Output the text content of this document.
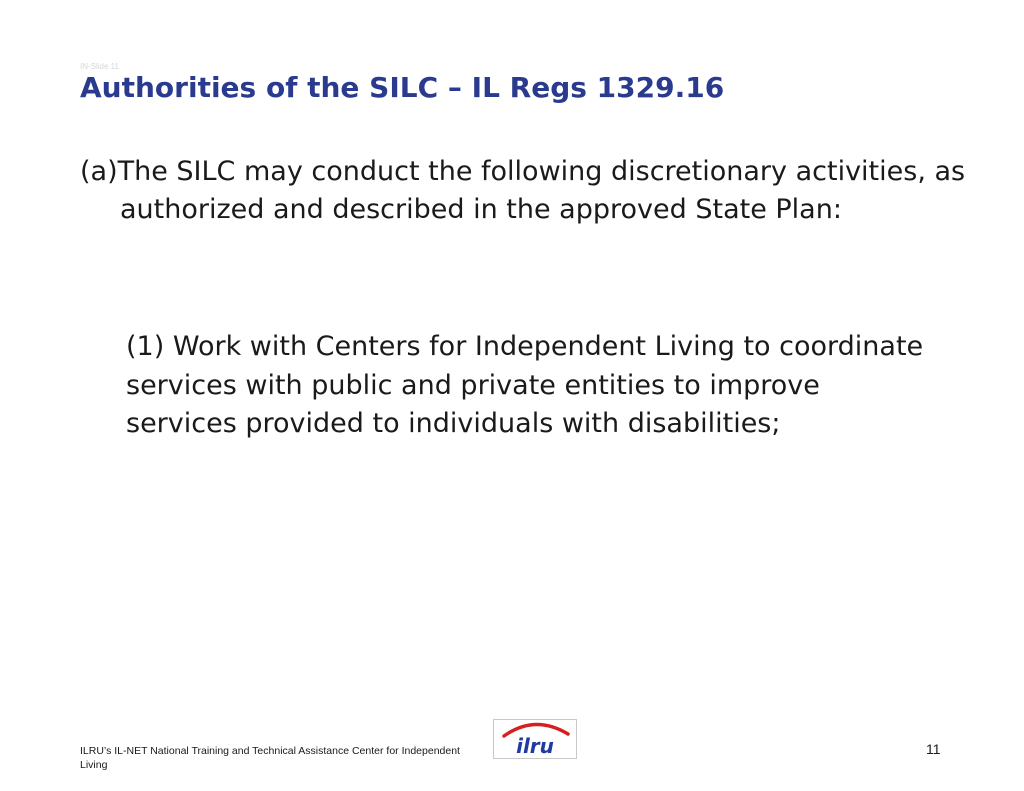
IN-Slide 11
Authorities of the SILC – IL Regs 1329.16

(a)The SILC may conduct the following discretionary activities, as authorized and described in the approved State Plan:

(1) Work with Centers for Independent Living to coordinate services with public and private entities to improve services provided to individuals with disabilities;

ILRU’s IL-NET National Training and Technical Assistance Center for Independent Living
ilru	11
